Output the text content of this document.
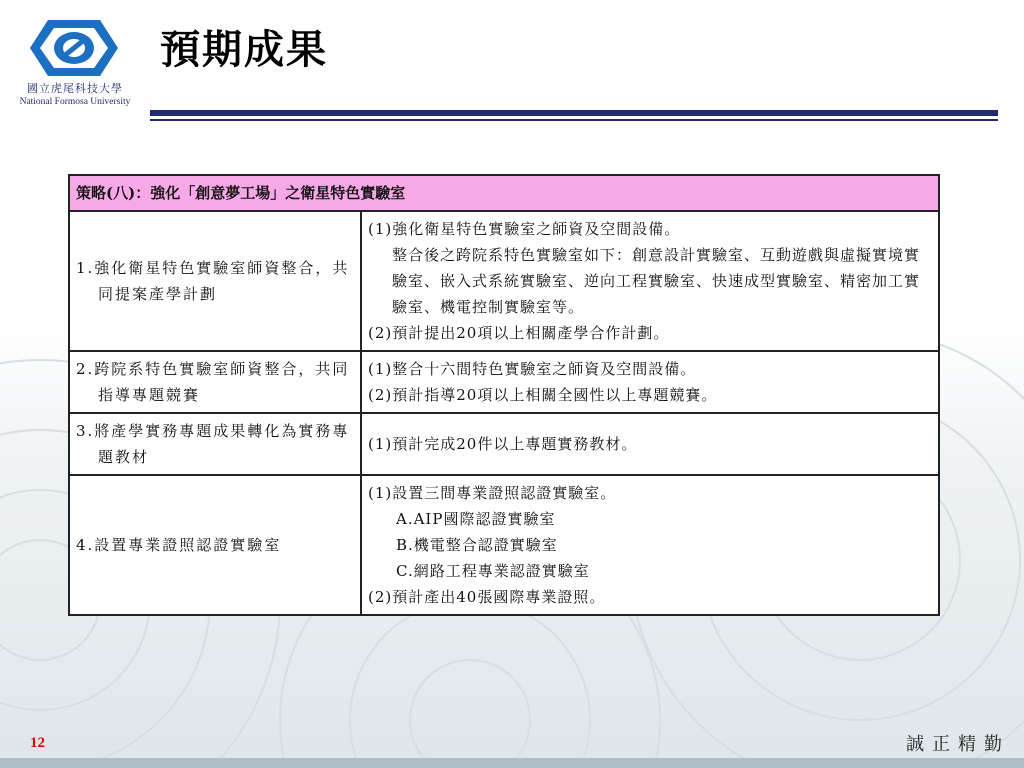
國立虎尾科技大學
National Formosa University
預期成果
策略(八)：強化「創意夢工場」之衛星特色實驗室	

1.強化衛星特色實驗室師資整合，共同提案產學計劃	(1)強化衛星特色實驗室之師資及空間設備。
整合後之跨院系特色實驗室如下：創意設計實驗室、互動遊戲與虛擬實境實驗室、嵌入式系統實驗室、逆向工程實驗室、快速成型實驗室、精密加工實驗室、機電控制實驗室等。
(2)預計提出20項以上相關產學合作計劃。

2.跨院系特色實驗室師資整合，共同指導專題競賽	(1)整合十六間特色實驗室之師資及空間設備。
(2)預計指導20項以上相關全國性以上專題競賽。

3.將產學實務專題成果轉化為實務專題教材	(1)預計完成20件以上專題實務教材。

4.設置專業證照認證實驗室	(1)設置三間專業證照認證實驗室。
A.AIP國際認證實驗室
B.機電整合認證實驗室
C.網路工程專業認證實驗室
(2)預計產出40張國際專業證照。
12	誠正精勤
